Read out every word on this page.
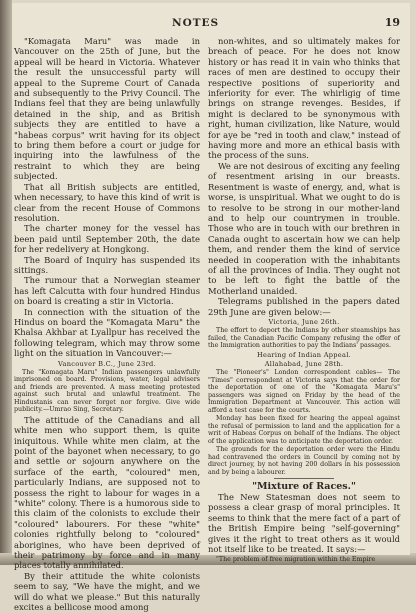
NOTES	19

"Komagata Maru" was made in Vancouver on the 25th of June, but the appeal will be heard in Victoria. Whatever the result the unsuccessful party will appeal to the Supreme Court of Canada and subsequently to the Privy Council. The Indians feel that they are being unlawfully detained in the ship, and as British subjects they are entitled to have a "habeas corpus" writ having for its object to bring them before a court or judge for inquiring into the lawfulness of the restraint to which they are being subjected.

That all British subjects are entitled, when necessary, to have this kind of writ is clear from the recent House of Commons resolution.

The charter money for the vessel has been paid until September 20th, the date for her redelivery at Hongkong.

The Board of Inquiry has suspended its sittings.

The rumour that a Norwegian steamer has left Calcutta with four hundred Hindus on board is creating a stir in Victoria.

In connection with the situation of the Hindus on board the "Komagata Maru" the Khalsa Akhbar at Lyallpur has received the following telegram, which may throw some light on the situation in Vancouver:—

Vancouver B.C., June 23rd.

The "Komagata Maru" Indian passengers unlawfully imprisoned on board. Provisions, water, legal advisers and friends are prevented. A mass meeting protested against such brutal and unlawful treatment. The Hindustanis can never forget nor forgive. Give wide publicity.—Umrao Sing, Secretary.

The attitude of the Canadians and all white men who support them, is quite iniquitous. While white men claim, at the point of the bayonet when necessary, to go and settle or sojourn anywhere on the surface of the earth, "coloured" men, particularly Indians, are supposed not to possess the right to labour for wages in a "white" colony. There is a humorous side to this claim of the colonists to exclude their "coloured" labourers. For these "white" colonies rightfully belong to "coloured" aborigines, who have been deprived of their patrimony by force and in many places totally annihilated.

By their attitude the white colonists seem to say, "We have the might, and we will do what we please." But this naturally excites a bellicose mood among

non-whites, and so ultimately makes for breach of peace. For he does not know history or has read it in vain who thinks that races of men are destined to occupy their respective positions of superiority and inferiority for ever. The whirligig of time brings on strange revenges. Besides, if might is declared to be synonymous with right, human civilization, like Nature, would for aye be "red in tooth and claw," instead of having more and more an ethical basis with the process of the suns.

We are not desirous of exciting any feeling of resentment arising in our breasts. Resentment is waste of energy, and, what is worse, is unspiritual. What we ought to do is to resolve to be strong in our mother-land and to help our countrymen in trouble. Those who are in touch with our brethren in Canada ought to ascertain how we can help them, and render them the kind of service needed in cooperation with the inhabitants of all the provinces of India. They ought not to be left to fight the battle of the Motherland unaided.

Telegrams published in the papers dated 29th June are given below:—

Victoria, June 26th.

The effort to deport the Indians by other steamships has failed, the Canadian Pacific Company refusing the offer of the Immigration authorities to pay the Indians' passages.

Hearing of Indian Appeal.

Allahabad, June 28th.

The "Pioneer's" London correspondent cables— The "Times" correspondent at Victoria says that the order for the deportation of one of the "Komagata Maru's" passengers was signed on Friday by the head of the Immigration Department at Vancouver. This action will afford a test case for the courts.

Monday has been fixed for hearing the appeal against the refusal of permission to land and the application for a writ of Habeas Corpus on behalf of the Indians. The object of the application was to anticipate the deportation order.

The grounds for the deportation order were the Hindu had contravened the orders in Council by coming not by direct journey, by not having 200 dollars in his possession and by being a labourer.

"Mixture of Races."

The New Statesman does not seem to possess a clear grasp of moral principles. It seems to think that the mere fact of a part of the British Empire being "self-governing" gives it the right to treat others as it would not itself like to be treated. It says:—

"The problem of free migration within the Empire
